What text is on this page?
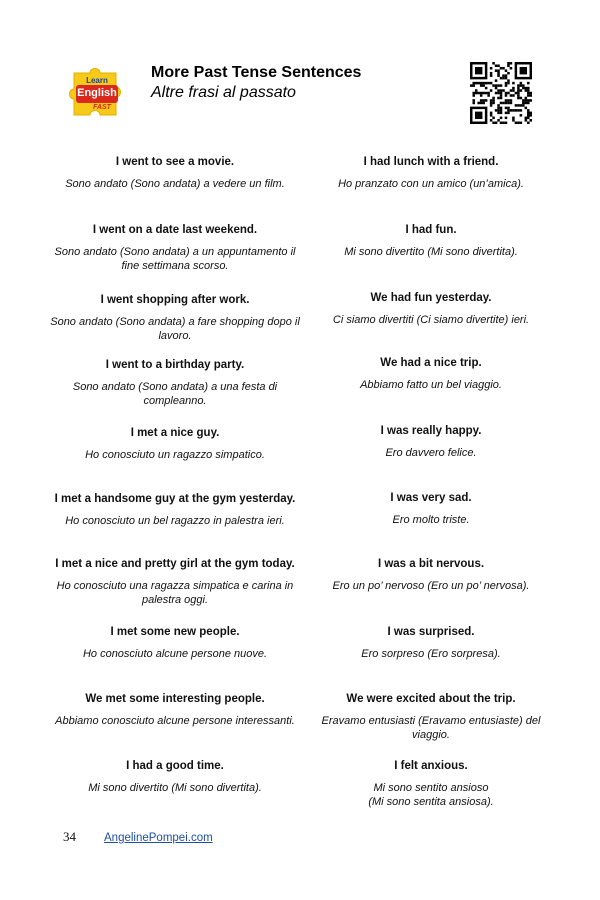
Learn
English
FAST
More Past Tense Sentences
Altre frasi al passato
I went to see a movie.
Sono andato (Sono andata) a vedere un film.
I went on a date last weekend.
Sono andato (Sono andata) a un appuntamento il fine settimana scorso.
I went shopping after work.
Sono andato (Sono andata) a fare shopping dopo il lavoro.
I went to a birthday party.
Sono andato (Sono andata) a una festa di compleanno.
I met a nice guy.
Ho conosciuto un ragazzo simpatico.
I met a handsome guy at the gym yesterday.
Ho conosciuto un bel ragazzo in palestra ieri.
I met a nice and pretty girl at the gym today.
Ho conosciuto una ragazza simpatica e carina in palestra oggi.
I met some new people.
Ho conosciuto alcune persone nuove.
We met some interesting people.
Abbiamo conosciuto alcune persone interessanti.
I had a good time.
Mi sono divertito (Mi sono divertita).
I had lunch with a friend.
Ho pranzato con un amico (un’amica).
I had fun.
Mi sono divertito (Mi sono divertita).
We had fun yesterday.
Ci siamo divertiti (Ci siamo divertite) ieri.
We had a nice trip.
Abbiamo fatto un bel viaggio.
I was really happy.
Ero davvero felice.
I was very sad.
Ero molto triste.
I was a bit nervous.
Ero un po’ nervoso (Ero un po’ nervosa).
I was surprised.
Ero sorpreso (Ero sorpresa).
We were excited about the trip.
Eravamo entusiasti (Eravamo entusiaste) del viaggio.
I felt anxious.
Mi sono sentito ansioso
(Mi sono sentita ansiosa).
34 AngelinePompei.com
